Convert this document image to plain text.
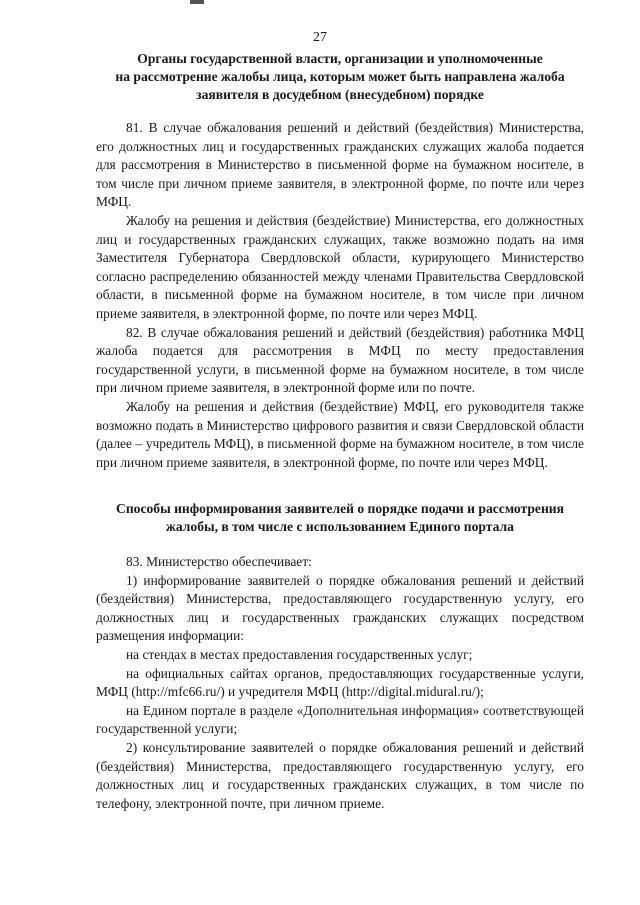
27
Органы государственной власти, организации и уполномоченные
на рассмотрение жалобы лица, которым может быть направлена жалоба
заявителя в досудебном (внесудебном) порядке

81. В случае обжалования решений и действий (бездействия) Министерства, его должностных лиц и государственных гражданских служащих жалоба подается для рассмотрения в Министерство в письменной форме на бумажном носителе, в том числе при личном приеме заявителя, в электронной форме, по почте или через МФЦ.

Жалобу на решения и действия (бездействие) Министерства, его должностных лиц и государственных гражданских служащих, также возможно подать на имя Заместителя Губернатора Свердловской области, курирующего Министерство согласно распределению обязанностей между членами Правительства Свердловской области, в письменной форме на бумажном носителе, в том числе при личном приеме заявителя, в электронной форме, по почте или через МФЦ.

82. В случае обжалования решений и действий (бездействия) работника МФЦ жалоба подается для рассмотрения в МФЦ по месту предоставления государственной услуги, в письменной форме на бумажном носителе, в том числе при личном приеме заявителя, в электронной форме или по почте.

Жалобу на решения и действия (бездействие) МФЦ, его руководителя также возможно подать в Министерство цифрового развития и связи Свердловской области (далее – учредитель МФЦ), в письменной форме на бумажном носителе, в том числе при личном приеме заявителя, в электронной форме, по почте или через МФЦ.

Способы информирования заявителей о порядке подачи и рассмотрения
жалобы, в том числе с использованием Единого портала

83. Министерство обеспечивает:

1) информирование заявителей о порядке обжалования решений и действий (бездействия) Министерства, предоставляющего государственную услугу, его должностных лиц и государственных гражданских служащих посредством размещения информации:

на стендах в местах предоставления государственных услуг;

на официальных сайтах органов, предоставляющих государственные услуги, МФЦ (http://mfc66.ru/) и учредителя МФЦ (http://digital.midural.ru/);

на Едином портале в разделе «Дополнительная информация» соответствующей государственной услуги;

2) консультирование заявителей о порядке обжалования решений и действий (бездействия) Министерства, предоставляющего государственную услугу, его должностных лиц и государственных гражданских служащих, в том числе по телефону, электронной почте, при личном приеме.
